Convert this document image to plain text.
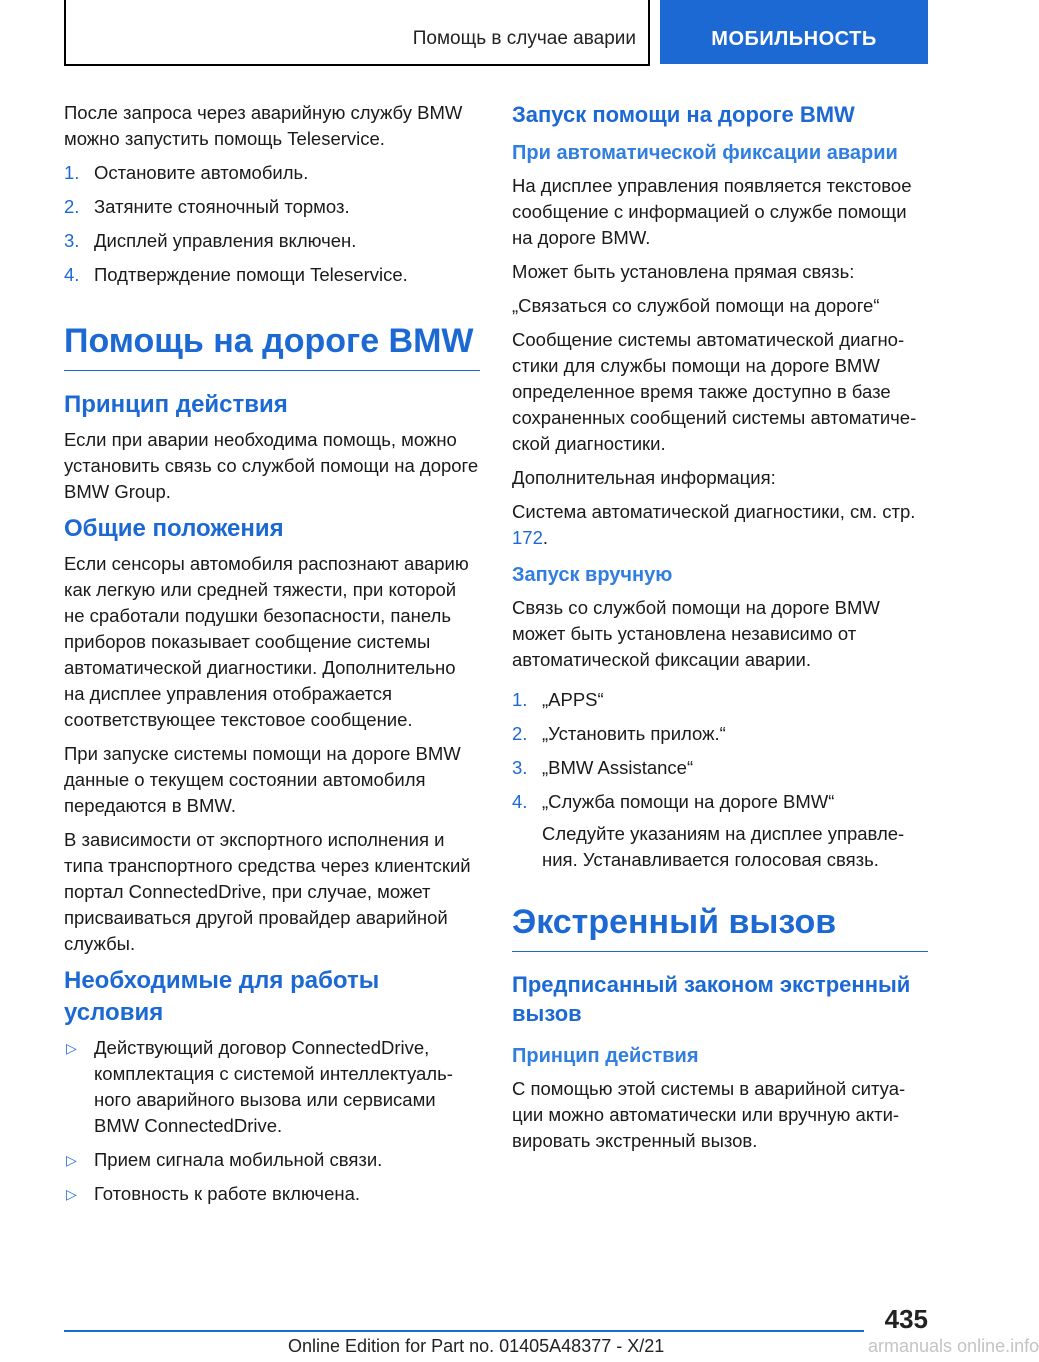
Помощь в случае аварии	МОБИЛЬНОСТЬ

После запроса через аварийную службу BMW можно запустить помощь Teleservice.

1. Остановите автомобиль.
2. Затяните стояночный тормоз.
3. Дисплей управления включен.
4. Подтверждение помощи Teleservice.
Помощь на дороге BMW
Принцип действия

Если при аварии необходима помощь, можно установить связь со службой помощи на дороге BMW Group.

Общие положения

Если сенсоры автомобиля распознают аварию как легкую или средней тяжести, при которой не сработали подушки безопасности, панель приборов показывает сообщение системы автоматической диагностики. Дополнительно на дисплее управления отображается соответствующее текстовое сообщение.

При запуске системы помощи на дороге BMW данные о текущем состоянии автомобиля передаются в BMW.

В зависимости от экспортного исполнения и типа транспортного средства через клиентский портал ConnectedDrive, при случае, может присваиваться другой провайдер аварийной службы.

Необходимые для работы условия
▷ Действующий договор ConnectedDrive, комплектация с системой интеллектуального аварийного вызова или сервисами BMW ConnectedDrive.
▷ Прием сигнала мобильной связи.
▷ Готовность к работе включена.
Запуск помощи на дороге BMW
При автоматической фиксации аварии

На дисплее управления появляется текстовое сообщение с информацией о службе помощи на дороге BMW.

Может быть установлена прямая связь:

„Связаться со службой помощи на дороге“

Сообщение системы автоматической диагностики для службы помощи на дороге BMW определенное время также доступно в базе сохраненных сообщений системы автоматической диагностики.

Дополнительная информация:

Система автоматической диагностики, см. стр. 172.

Запуск вручную

Связь со службой помощи на дороге BMW может быть установлена независимо от автоматической фиксации аварии.

1. „APPS“
2. „Установить прилож.“
3. „BMW Assistance“
4. „Служба помощи на дороге BMW“
Следуйте указаниям на дисплее управления. Устанавливается голосовая связь.
Экстренный вызов
Предписанный законом экстренный вызов
Принцип действия

С помощью этой системы в аварийной ситуации можно автоматически или вручную активировать экстренный вызов.

435
Online Edition for Part no. 01405A48377 - X/21	armanuals online.info
